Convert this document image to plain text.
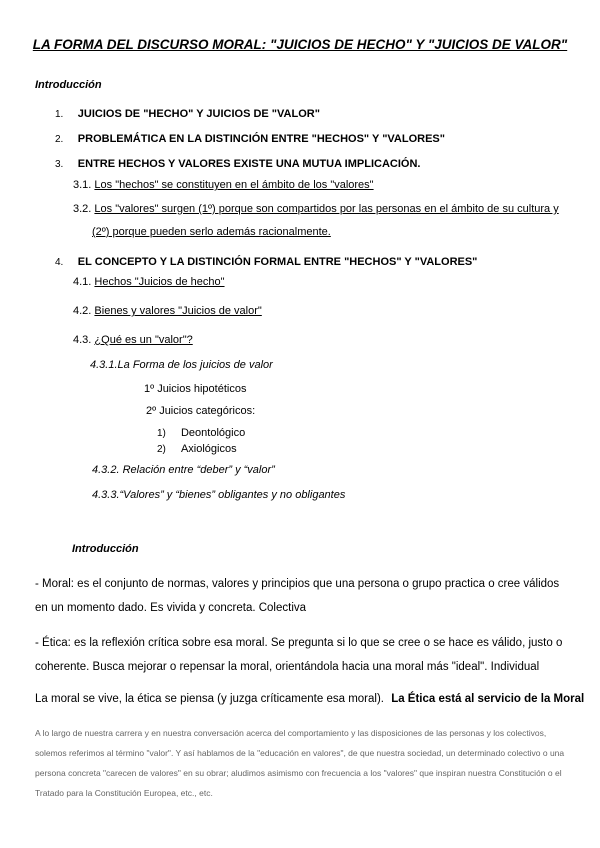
LA FORMA DEL DISCURSO MORAL: "JUICIOS DE HECHO" Y "JUICIOS DE VALOR"
Introducción
1. JUICIOS DE "HECHO" Y JUICIOS DE "VALOR"
2. PROBLEMÁTICA EN LA DISTINCIÓN ENTRE "HECHOS" Y "VALORES"
3. ENTRE HECHOS Y VALORES EXISTE UNA MUTUA IMPLICACIÓN.
3.1. Los "hechos" se constituyen en el ámbito de los "valores"
3.2. Los "valores" surgen (1º) porque son compartidos por las personas en el ámbito de su cultura y
(2º) porque pueden serlo además racionalmente.
4. EL CONCEPTO Y LA DISTINCIÓN FORMAL ENTRE "HECHOS" Y "VALORES"
4.1. Hechos "Juicios de hecho"
4.2. Bienes y valores "Juicios de valor"
4.3. ¿Qué es un "valor"?
4.3.1.La Forma de los juicios de valor
1º Juicios hipotéticos
2º Juicios categóricos:
1) Deontológico
2) Axiológicos
4.3.2. Relación entre “deber” y “valor”
4.3.3.“Valores” y “bienes” obligantes y no obligantes
Introducción
- Moral: es el conjunto de normas, valores y principios que una persona o grupo practica o cree válidos en un momento dado. Es vivida y concreta. Colectiva
- Ética: es la reflexión crítica sobre esa moral. Se pregunta si lo que se cree o se hace es válido, justo o coherente. Busca mejorar o repensar la moral, orientándola hacia una moral más "ideal". Individual
La moral se vive, la ética se piensa (y juzga críticamente esa moral). La Ética está al servicio de la Moral
A lo largo de nuestra carrera y en nuestra conversación acerca del comportamiento y las disposiciones de las personas y los colectivos, solemos referimos al término "valor". Y así hablamos de la "educación en valores", de que nuestra sociedad, un determinado colectivo o una persona concreta "carecen de valores" en su obrar; aludimos asimismo con frecuencia a los "valores" que inspiran nuestra Constitución o el Tratado para la Constitución Europea, etc., etc.
